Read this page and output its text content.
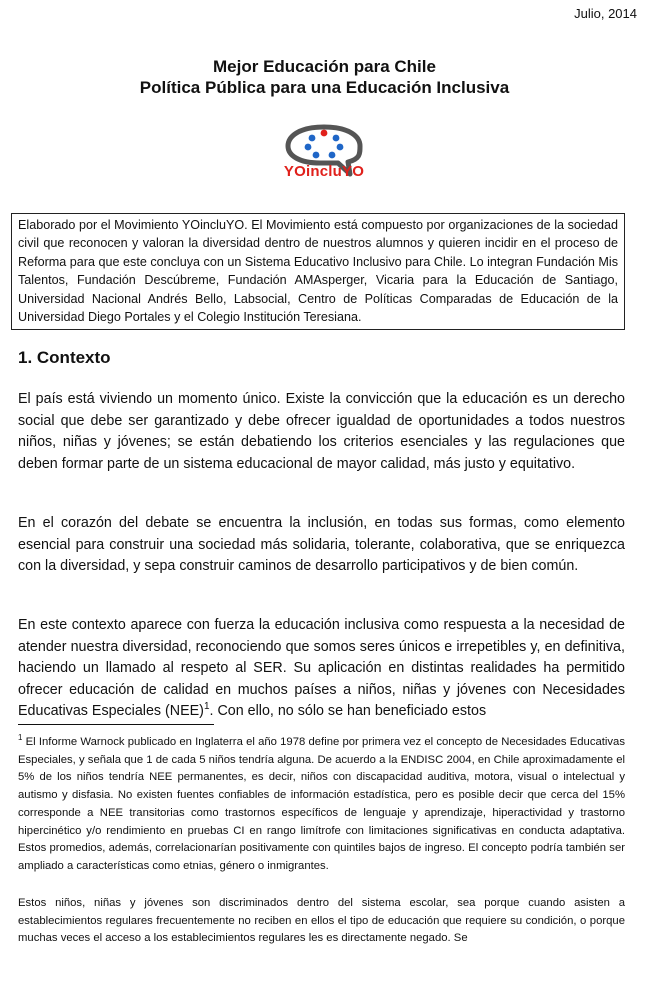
Julio, 2014
Mejor Educación para Chile
Política Pública para una Educación Inclusiva
YOincluYO
Elaborado por el Movimiento YOincluYO. El Movimiento está compuesto por organizaciones de la sociedad civil que reconocen y valoran la diversidad dentro de nuestros alumnos y quieren incidir en el proceso de Reforma para que este concluya con un Sistema Educativo Inclusivo para Chile. Lo integran Fundación Mis Talentos, Fundación Descúbreme, Fundación AMAsperger, Vicaria para la Educación de Santiago, Universidad Nacional Andrés Bello, Labsocial, Centro de Políticas Comparadas de Educación de la Universidad Diego Portales y el Colegio Institución Teresiana.
1. Contexto
El país está viviendo un momento único. Existe la convicción que la educación es un derecho social que debe ser garantizado y debe ofrecer igualdad de oportunidades a todos nuestros niños, niñas y jóvenes; se están debatiendo los criterios esenciales y las regulaciones que deben formar parte de un sistema educacional de mayor calidad, más justo y equitativo.
En el corazón del debate se encuentra la inclusión, en todas sus formas, como elemento esencial para construir una sociedad más solidaria, tolerante, colaborativa, que se enriquezca con la diversidad, y sepa construir caminos de desarrollo participativos y de bien común.
En este contexto aparece con fuerza la educación inclusiva como respuesta a la necesidad de atender nuestra diversidad, reconociendo que somos seres únicos e irrepetibles y, en definitiva, haciendo un llamado al respeto al SER. Su aplicación en distintas realidades ha permitido ofrecer educación de calidad en muchos países a niños, niñas y jóvenes con Necesidades Educativas Especiales (NEE)$^1$. Con ello, no sólo se han beneficiado estos
$^1$ El Informe Warnock publicado en Inglaterra el año 1978 define por primera vez el concepto de Necesidades Educativas Especiales, y señala que 1 de cada 5 niños tendría alguna. De acuerdo a la ENDISC 2004, en Chile aproximadamente el 5% de los niños tendría NEE permanentes, es decir, niños con discapacidad auditiva, motora, visual o intelectual y autismo y disfasia. No existen fuentes confiables de información estadística, pero es posible decir que cerca del 15% corresponde a NEE transitorias como trastornos específicos de lenguaje y aprendizaje, hiperactividad y trastorno hipercinético y/o rendimiento en pruebas CI en rango limítrofe con limitaciones significativas en conducta adaptativa. Estos promedios, además, correlacionarían positivamente con quintiles bajos de ingreso. El concepto podría también ser ampliado a características como etnias, género o inmigrantes.
Estos niños, niñas y jóvenes son discriminados dentro del sistema escolar, sea porque cuando asisten a establecimientos regulares frecuentemente no reciben en ellos el tipo de educación que requiere su condición, o porque muchas veces el acceso a los establecimientos regulares les es directamente negado. Se
